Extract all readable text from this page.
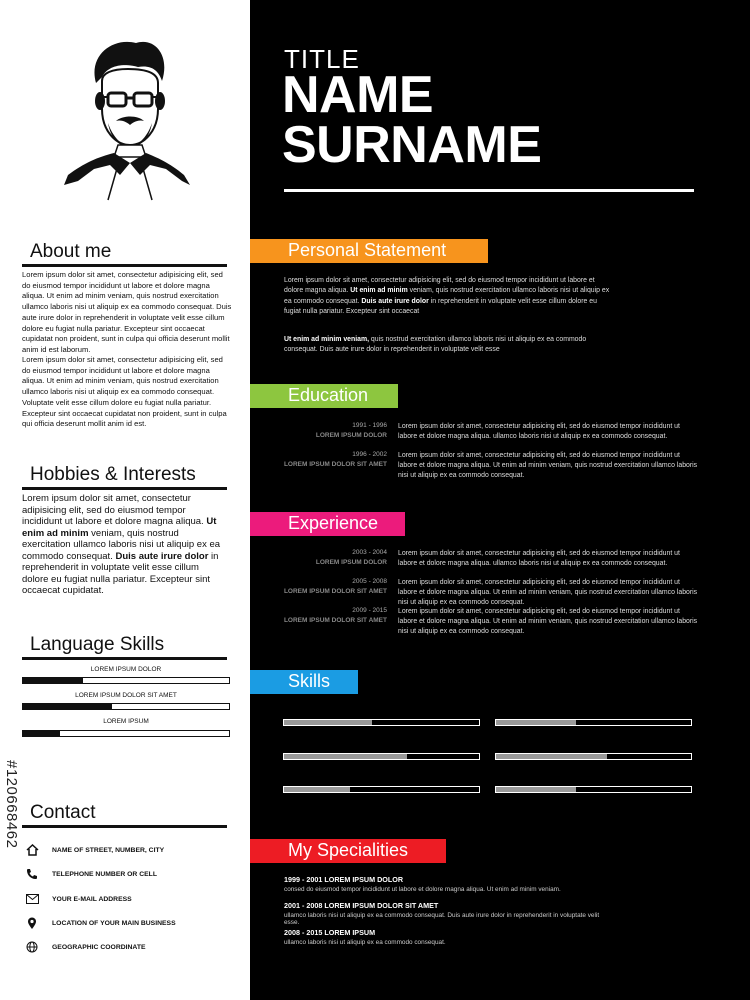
About me
Lorem ipsum dolor sit amet, consectetur adipisicing elit, sed do eiusmod tempor incididunt ut labore et dolore magna aliqua. Ut enim ad minim veniam, quis nostrud exercitation ullamco laboris nisi ut aliquip ex ea commodo consequat. Duis aute irure dolor in reprehenderit in voluptate velit esse cillum dolore eu fugiat nulla pariatur. Excepteur sint occaecat cupidatat non proident, sunt in culpa qui officia deserunt mollit anim id est laborum.
Lorem ipsum dolor sit amet, consectetur adipisicing elit, sed do eiusmod tempor incididunt ut labore et dolore magna aliqua. Ut enim ad minim veniam, quis nostrud exercitation ullamco laboris nisi ut aliquip ex ea commodo consequat. Voluptate velit esse cillum dolore eu fugiat nulla pariatur. Excepteur sint occaecat cupidatat non proident, sunt in culpa qui officia deserunt mollit anim id est.
Hobbies & Interests
Lorem ipsum dolor sit amet, consectetur adipisicing elit, sed do eiusmod tempor incididunt ut labore et dolore magna aliqua. Ut enim ad minim veniam, quis nostrud exercitation ullamco laboris nisi ut aliquip ex ea commodo consequat. Duis aute irure dolor in reprehenderit in voluptate velit esse cillum dolore eu fugiat nulla pariatur. Excepteur sint occaecat cupidatat.
Language Skills
LOREM IPSUM DOLOR
LOREM IPSUM DOLOR SIT AMET
LOREM IPSUM
Contact
NAME OF STREET, NUMBER, CITY
TELEPHONE NUMBER OR CELL
YOUR E-MAIL ADDRESS
LOCATION OF YOUR MAIN BUSINESS
GEOGRAPHIC COORDINATE
#120668462
TITLE
NAME
SURNAME
Personal Statement
Lorem ipsum dolor sit amet, consectetur adipisicing elit, sed do eiusmod tempor incididunt ut labore et dolore magna aliqua. Ut enim ad minim veniam, quis nostrud exercitation ullamco laboris nisi ut aliquip ex ea commodo consequat. Duis aute irure dolor in reprehenderit in voluptate velit esse cillum dolore eu fugiat nulla pariatur. Excepteur sint occaecat
Ut enim ad minim veniam, quis nostrud exercitation ullamco laboris nisi ut aliquip ex ea commodo consequat. Duis aute irure dolor in reprehenderit in voluptate velit esse
Education
1991 - 1996
LOREM IPSUM DOLOR
Lorem ipsum dolor sit amet, consectetur adipisicing elit, sed do eiusmod tempor incididunt ut labore et dolore magna aliqua. ullamco laboris nisi ut aliquip ex ea commodo consequat.
1996 - 2002
LOREM IPSUM DOLOR SIT AMET
Lorem ipsum dolor sit amet, consectetur adipisicing elit, sed do eiusmod tempor incididunt ut labore et dolore magna aliqua. Ut enim ad minim veniam, quis nostrud exercitation ullamco laboris nisi ut aliquip ex ea commodo consequat.
Experience
2003 - 2004
LOREM IPSUM DOLOR
Lorem ipsum dolor sit amet, consectetur adipisicing elit, sed do eiusmod tempor incididunt ut labore et dolore magna aliqua. ullamco laboris nisi ut aliquip ex ea commodo consequat.
2005 - 2008
LOREM IPSUM DOLOR SIT AMET
Lorem ipsum dolor sit amet, consectetur adipisicing elit, sed do eiusmod tempor incididunt ut labore et dolore magna aliqua. Ut enim ad minim veniam, quis nostrud exercitation ullamco laboris nisi ut aliquip ex ea commodo consequat.
2009 - 2015
LOREM IPSUM DOLOR SIT AMET
Lorem ipsum dolor sit amet, consectetur adipisicing elit, sed do eiusmod tempor incididunt ut labore et dolore magna aliqua. Ut enim ad minim veniam, quis nostrud exercitation ullamco laboris nisi ut aliquip ex ea commodo consequat.
Skills
My Specialities
1999 - 2001 LOREM IPSUM DOLOR
consed do eiusmod tempor incididunt ut labore et dolore magna aliqua. Ut enim ad minim veniam.
2001 - 2008 LOREM IPSUM DOLOR SIT AMET
ullamco laboris nisi ut aliquip ex ea commodo consequat. Duis aute irure dolor in reprehenderit in voluptate velit esse.
2008 - 2015 LOREM IPSUM
ullamco laboris nisi ut aliquip ex ea commodo consequat.
